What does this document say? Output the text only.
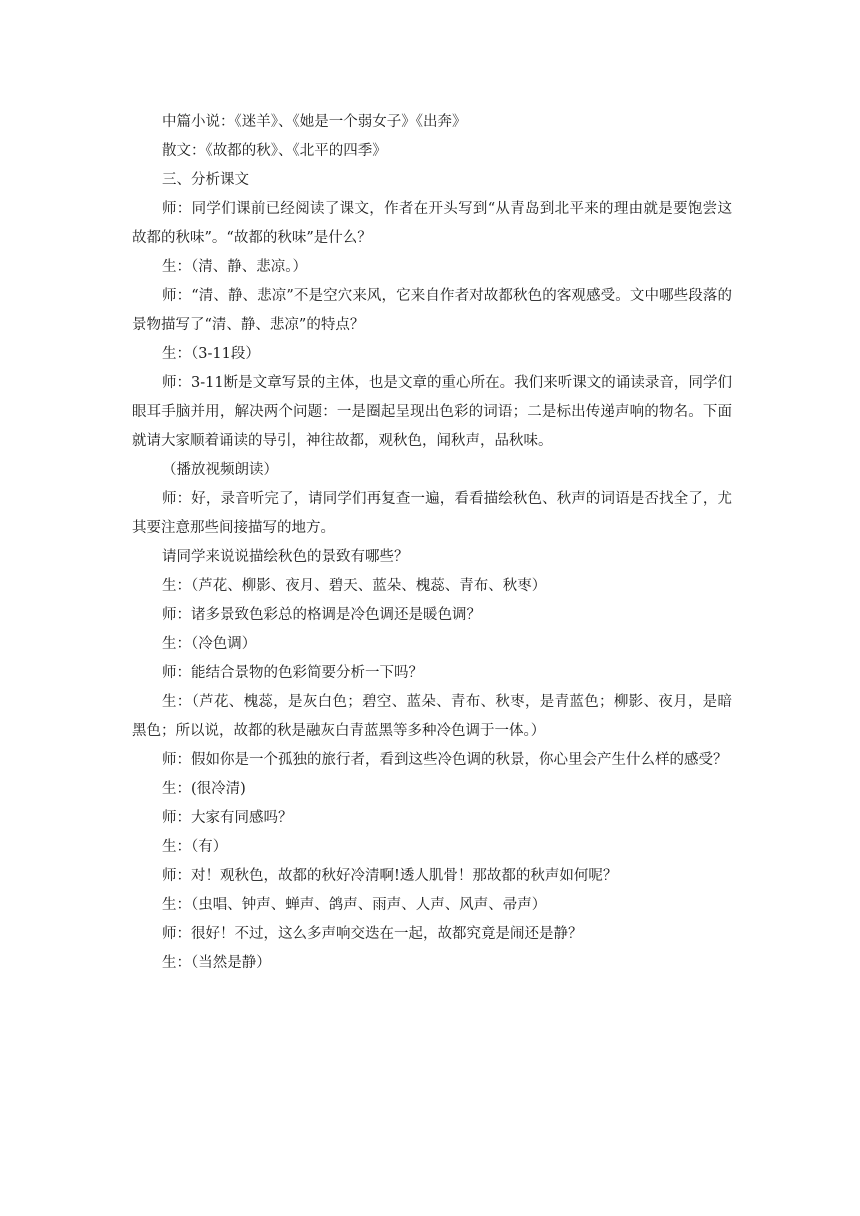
中篇小说：《迷羊》、《她是一个弱女子》《出奔》

散文：《故都的秋》、《北平的四季》

三、分析课文

师：同学们课前已经阅读了课文，作者在开头写到“从青岛到北平来的理由就是要饱尝这故都的秋味”。“故都的秋味”是什么？

生：（清、静、悲凉。）

师：“清、静、悲凉”不是空穴来风，它来自作者对故都秋色的客观感受。文中哪些段落的景物描写了“清、静、悲凉”的特点？

生：（3-11段）

师：3-11断是文章写景的主体，也是文章的重心所在。我们来听课文的诵读录音，同学们眼耳手脑并用，解决两个问题：一是圈起呈现出色彩的词语；二是标出传递声响的物名。下面就请大家顺着诵读的导引，神往故都，观秋色，闻秋声，品秋味。

（播放视频朗读）

师：好，录音听完了，请同学们再复查一遍，看看描绘秋色、秋声的词语是否找全了，尤其要注意那些间接描写的地方。

请同学来说说描绘秋色的景致有哪些？

生：（芦花、柳影、夜月、碧天、蓝朵、槐蕊、青布、秋枣）

师：诸多景致色彩总的格调是冷色调还是暖色调？

生：（冷色调）

师：能结合景物的色彩简要分析一下吗？

生：（芦花、槐蕊，是灰白色；碧空、蓝朵、青布、秋枣，是青蓝色；柳影、夜月，是暗黑色；所以说，故都的秋是融灰白青蓝黑等多种冷色调于一体。）

师：假如你是一个孤独的旅行者，看到这些冷色调的秋景，你心里会产生什么样的感受？

生：(很冷清)

师：大家有同感吗？

生：（有）

师：对！观秋色，故都的秋好冷清啊!透人肌骨！那故都的秋声如何呢？

生：（虫唱、钟声、蝉声、鸽声、雨声、人声、风声、帚声）

师：很好！不过，这么多声响交迭在一起，故都究竟是闹还是静？

生：（当然是静）
